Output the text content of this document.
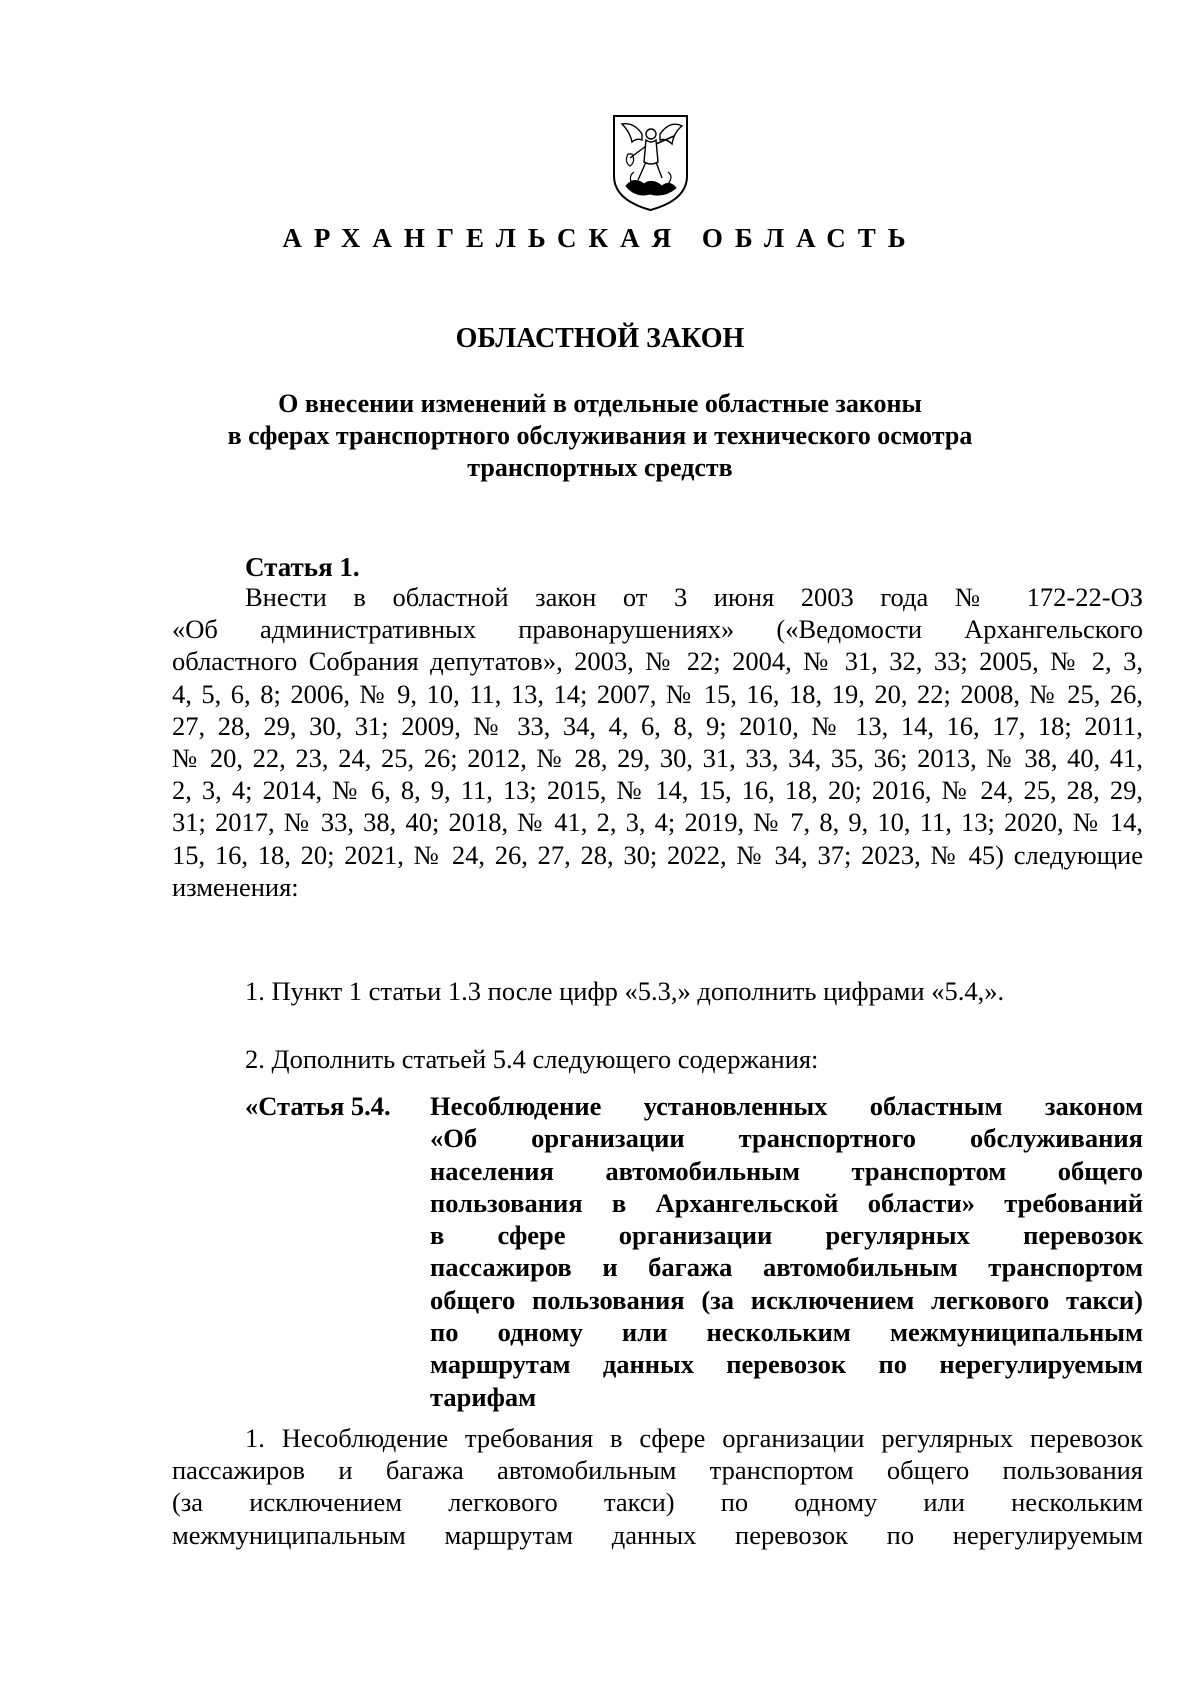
АРХАНГЕЛЬСКАЯ ОБЛАСТЬ
ОБЛАСТНОЙ ЗАКОН
О внесении изменений в отдельные областные законы
в сферах транспортного обслуживания и технического осмотра
транспортных средств
Статья 1.
Внести в областной закон от 3 июня 2003 года № 172-22-ОЗ
«Об административных правонарушениях» («Ведомости Архангельского
областного Собрания депутатов», 2003, № 22; 2004, № 31, 32, 33; 2005, № 2, 3,
4, 5, 6, 8; 2006, № 9, 10, 11, 13, 14; 2007, № 15, 16, 18, 19, 20, 22; 2008, № 25, 26,
27, 28, 29, 30, 31; 2009, № 33, 34, 4, 6, 8, 9; 2010, № 13, 14, 16, 17, 18; 2011,
№ 20, 22, 23, 24, 25, 26; 2012, № 28, 29, 30, 31, 33, 34, 35, 36; 2013, № 38, 40, 41,
2, 3, 4; 2014, № 6, 8, 9, 11, 13; 2015, № 14, 15, 16, 18, 20; 2016, № 24, 25, 28, 29,
31; 2017, № 33, 38, 40; 2018, № 41, 2, 3, 4; 2019, № 7, 8, 9, 10, 11, 13; 2020, № 14,
15, 16, 18, 20; 2021, № 24, 26, 27, 28, 30; 2022, № 34, 37; 2023, № 45) следующие
изменения:
1. Пункт 1 статьи 1.3 после цифр «5.3,» дополнить цифрами «5.4,».
2. Дополнить статьей 5.4 следующего содержания:
«Статья 5.4. Несоблюдение установленных областным законом
«Об организации транспортного обслуживания
населения автомобильным транспортом общего
пользования в Архангельской области» требований
в сфере организации регулярных перевозок
пассажиров и багажа автомобильным транспортом
общего пользования (за исключением легкового такси)
по одному или нескольким межмуниципальным
маршрутам данных перевозок по нерегулируемым
тарифам
1. Несоблюдение требования в сфере организации регулярных перевозок
пассажиров и багажа автомобильным транспортом общего пользования
(за исключением легкового такси) по одному или нескольким
межмуниципальным маршрутам данных перевозок по нерегулируемым
